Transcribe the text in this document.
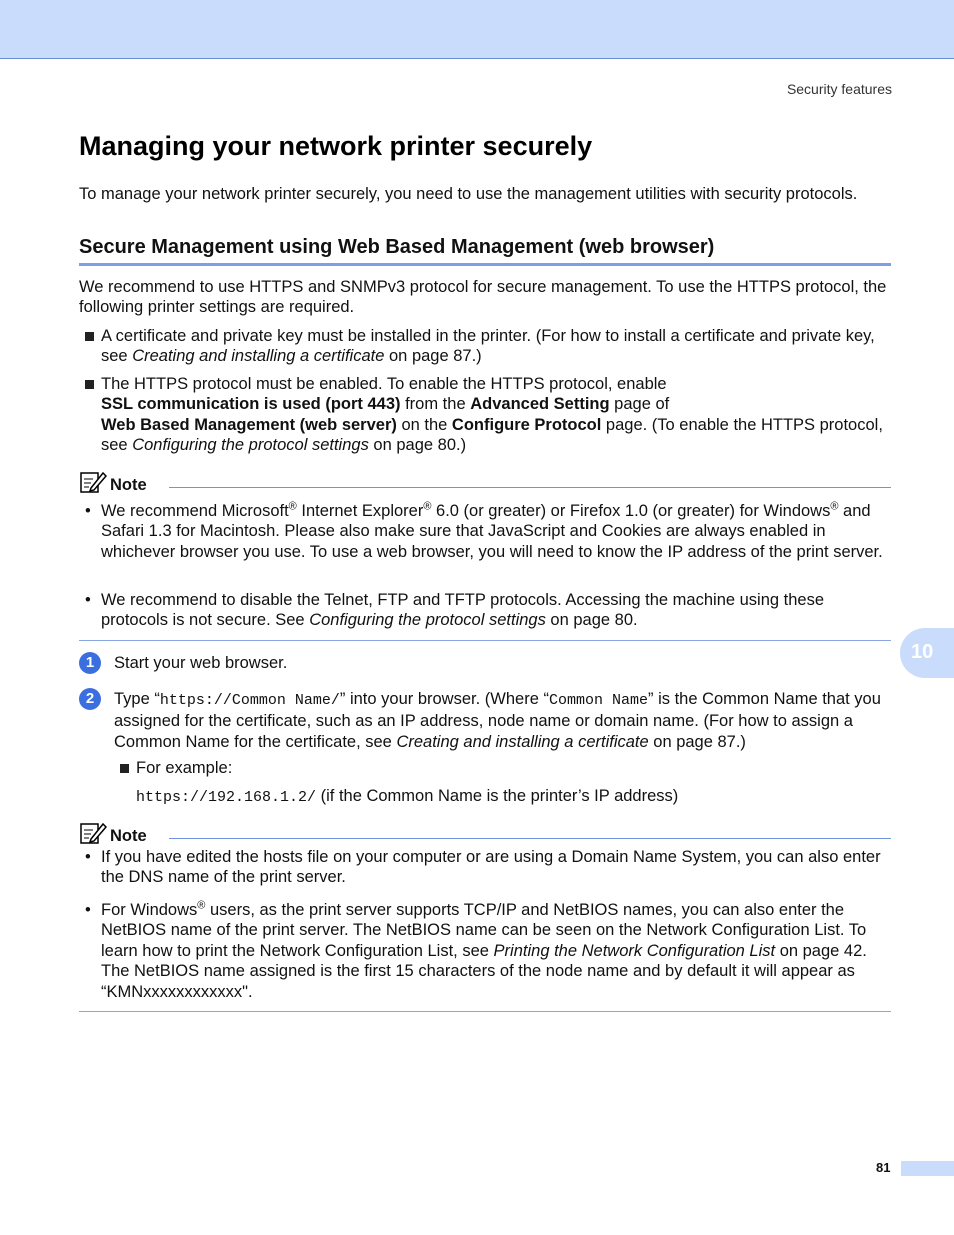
Security features
Managing your network printer securely

To manage your network printer securely, you need to use the management utilities with security protocols.

Secure Management using Web Based Management (web browser)

We recommend to use HTTPS and SNMPv3 protocol for secure management. To use the HTTPS protocol, the following printer settings are required.

A certificate and private key must be installed in the printer. (For how to install a certificate and private key, see Creating and installing a certificate on page 87.)
The HTTPS protocol must be enabled. To enable the HTTPS protocol, enable
SSL communication is used (port 443) from the Advanced Setting page of
Web Based Management (web server) on the Configure Protocol page. (To enable the HTTPS protocol, see Configuring the protocol settings on page 80.)
Note
• We recommend Microsoft® Internet Explorer® 6.0 (or greater) or Firefox 1.0 (or greater) for Windows® and Safari 1.3 for Macintosh. Please also make sure that JavaScript and Cookies are always enabled in whichever browser you use. To use a web browser, you will need to know the IP address of the print server.
• We recommend to disable the Telnet, FTP and TFTP protocols. Accessing the machine using these protocols is not secure. See Configuring the protocol settings on page 80.
1	Start your web browser.
2	Type “https://Common Name/” into your browser. (Where “Common Name” is the Common Name that you assigned for the certificate, such as an IP address, node name or domain name. (For how to assign a Common Name for the certificate, see Creating and installing a certificate on page 87.)
For example:
https://192.168.1.2/ (if the Common Name is the printer’s IP address)
Note
• If you have edited the hosts file on your computer or are using a Domain Name System, you can also enter the DNS name of the print server.
• For Windows® users, as the print server supports TCP/IP and NetBIOS names, you can also enter the NetBIOS name of the print server. The NetBIOS name can be seen on the Network Configuration List. To learn how to print the Network Configuration List, see Printing the Network Configuration List on page 42. The NetBIOS name assigned is the first 15 characters of the node name and by default it will appear as “KMNxxxxxxxxxxxx".
10
81
